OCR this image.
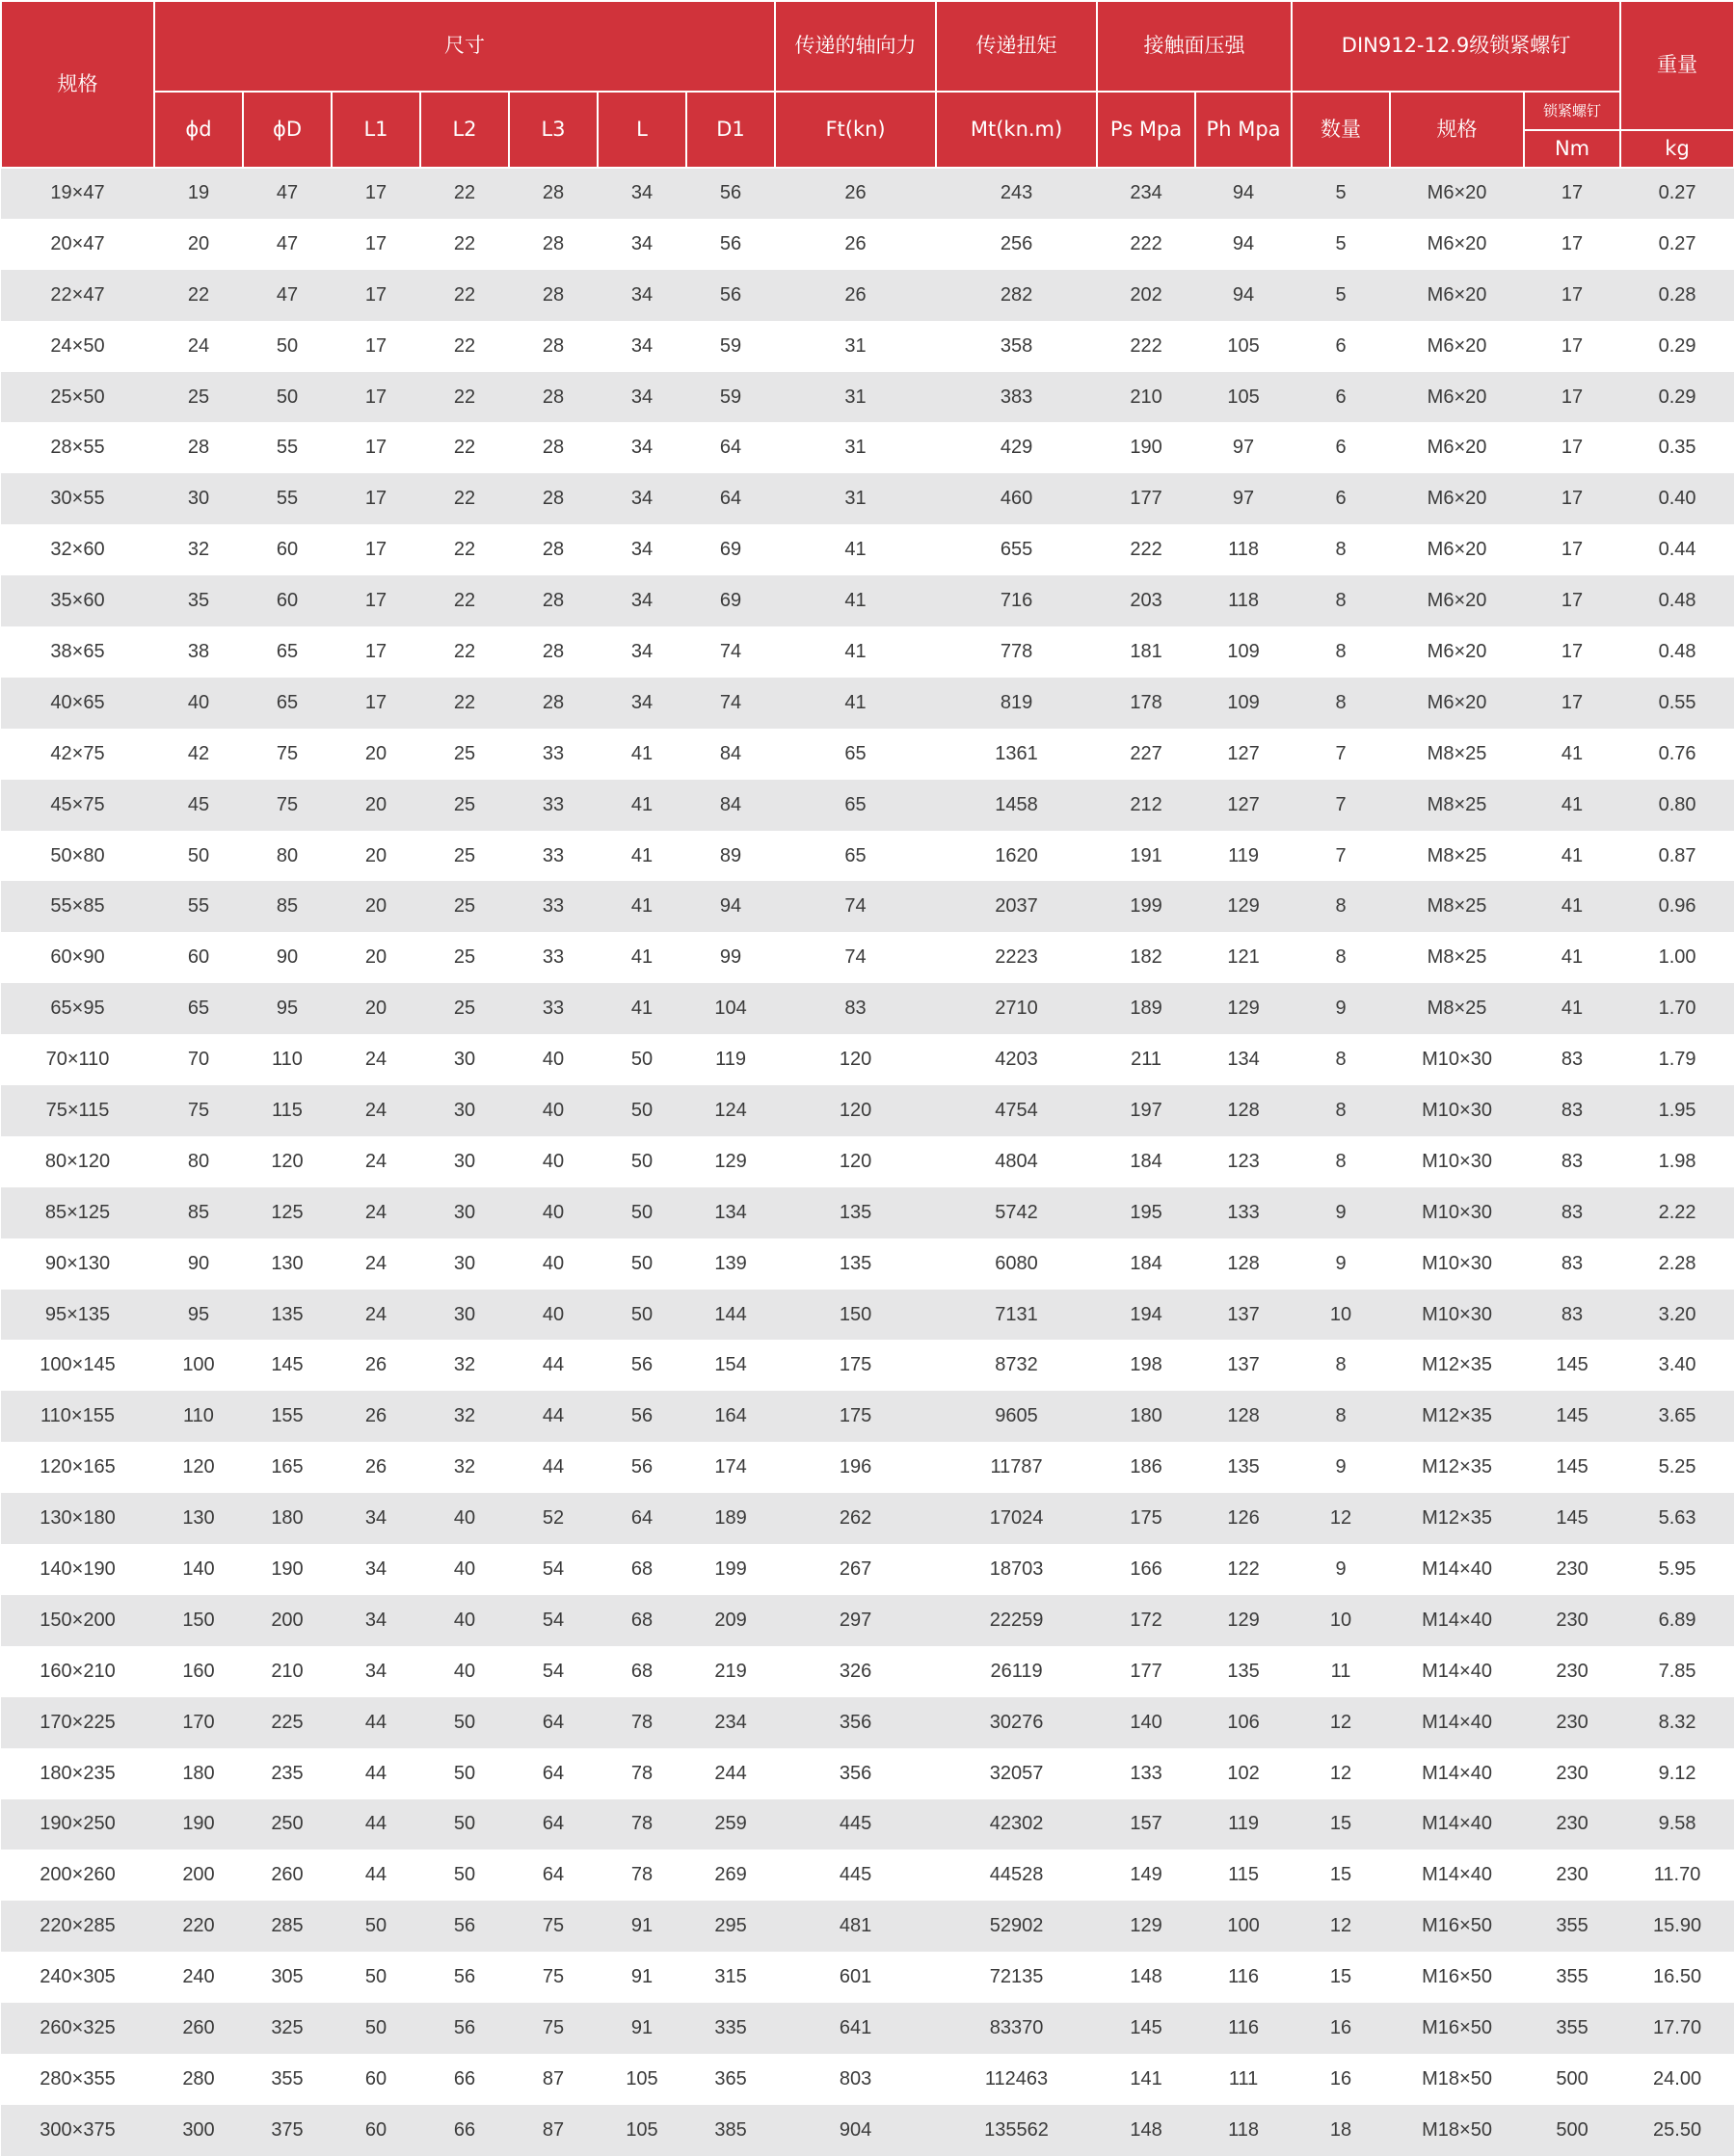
规格	尺寸							传递的轴向力	传递扭矩	接触面压强		DIN912-12.9级锁紧螺钉			重量
	ϕd	ϕD	L1	L2	L3	L	D1	Ft(kn)	Mt(kn.m)	Ps Mpa	Ph Mpa	数量	规格	锁紧螺钉	
														Nm	kg
19×47	19	47	17	22	28	34	56	26	243	234	94	5	M6×20	17	0.27
20×47	20	47	17	22	28	34	56	26	256	222	94	5	M6×20	17	0.27
22×47	22	47	17	22	28	34	56	26	282	202	94	5	M6×20	17	0.28
24×50	24	50	17	22	28	34	59	31	358	222	105	6	M6×20	17	0.29
25×50	25	50	17	22	28	34	59	31	383	210	105	6	M6×20	17	0.29
28×55	28	55	17	22	28	34	64	31	429	190	97	6	M6×20	17	0.35
30×55	30	55	17	22	28	34	64	31	460	177	97	6	M6×20	17	0.40
32×60	32	60	17	22	28	34	69	41	655	222	118	8	M6×20	17	0.44
35×60	35	60	17	22	28	34	69	41	716	203	118	8	M6×20	17	0.48
38×65	38	65	17	22	28	34	74	41	778	181	109	8	M6×20	17	0.48
40×65	40	65	17	22	28	34	74	41	819	178	109	8	M6×20	17	0.55
42×75	42	75	20	25	33	41	84	65	1361	227	127	7	M8×25	41	0.76
45×75	45	75	20	25	33	41	84	65	1458	212	127	7	M8×25	41	0.80
50×80	50	80	20	25	33	41	89	65	1620	191	119	7	M8×25	41	0.87
55×85	55	85	20	25	33	41	94	74	2037	199	129	8	M8×25	41	0.96
60×90	60	90	20	25	33	41	99	74	2223	182	121	8	M8×25	41	1.00
65×95	65	95	20	25	33	41	104	83	2710	189	129	9	M8×25	41	1.70
70×110	70	110	24	30	40	50	119	120	4203	211	134	8	M10×30	83	1.79
75×115	75	115	24	30	40	50	124	120	4754	197	128	8	M10×30	83	1.95
80×120	80	120	24	30	40	50	129	120	4804	184	123	8	M10×30	83	1.98
85×125	85	125	24	30	40	50	134	135	5742	195	133	9	M10×30	83	2.22
90×130	90	130	24	30	40	50	139	135	6080	184	128	9	M10×30	83	2.28
95×135	95	135	24	30	40	50	144	150	7131	194	137	10	M10×30	83	3.20
100×145	100	145	26	32	44	56	154	175	8732	198	137	8	M12×35	145	3.40
110×155	110	155	26	32	44	56	164	175	9605	180	128	8	M12×35	145	3.65
120×165	120	165	26	32	44	56	174	196	11787	186	135	9	M12×35	145	5.25
130×180	130	180	34	40	52	64	189	262	17024	175	126	12	M12×35	145	5.63
140×190	140	190	34	40	54	68	199	267	18703	166	122	9	M14×40	230	5.95
150×200	150	200	34	40	54	68	209	297	22259	172	129	10	M14×40	230	6.89
160×210	160	210	34	40	54	68	219	326	26119	177	135	11	M14×40	230	7.85
170×225	170	225	44	50	64	78	234	356	30276	140	106	12	M14×40	230	8.32
180×235	180	235	44	50	64	78	244	356	32057	133	102	12	M14×40	230	9.12
190×250	190	250	44	50	64	78	259	445	42302	157	119	15	M14×40	230	9.58
200×260	200	260	44	50	64	78	269	445	44528	149	115	15	M14×40	230	11.70
220×285	220	285	50	56	75	91	295	481	52902	129	100	12	M16×50	355	15.90
240×305	240	305	50	56	75	91	315	601	72135	148	116	15	M16×50	355	16.50
260×325	260	325	50	56	75	91	335	641	83370	145	116	16	M16×50	355	17.70
280×355	280	355	60	66	87	105	365	803	112463	141	111	16	M18×50	500	24.00
300×375	300	375	60	66	87	105	385	904	135562	148	118	18	M18×50	500	25.50
